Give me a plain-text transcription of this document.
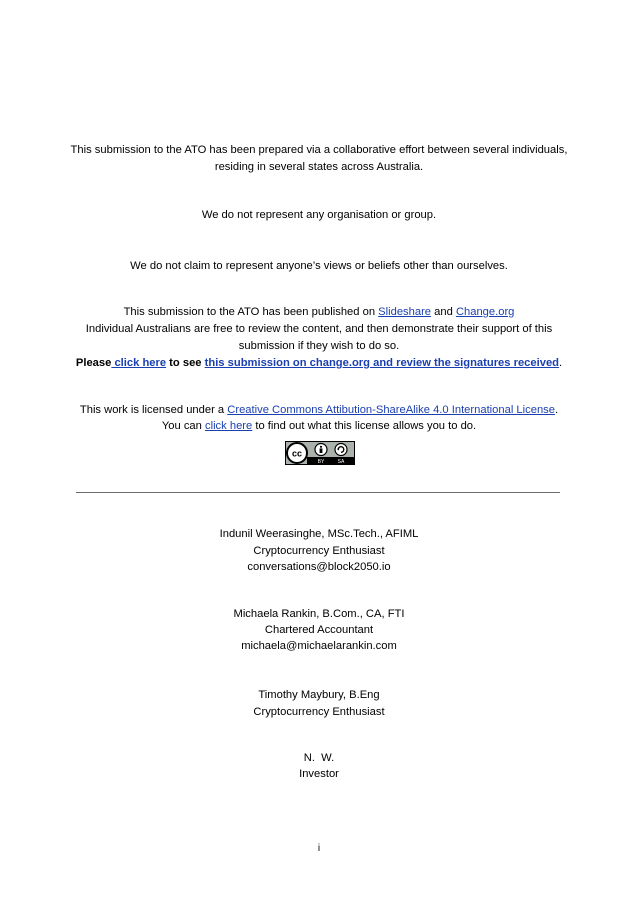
This submission to the ATO has been prepared via a collaborative effort between several individuals,
residing in several states across Australia.
We do not represent any organisation or group.
We do not claim to represent anyone’s views or beliefs other than ourselves.
This submission to the ATO has been published on Slideshare and Change.org
Individual Australians are free to review the content, and then demonstrate their support of this
submission if they wish to do so.
Please click here to see this submission on change.org and review the signatures received.
This work is licensed under a Creative Commons Attibution-ShareAlike 4.0 International License.
You can click here to find out what this license allows you to do.
cc
BY	SA
Indunil Weerasinghe, MSc.Tech., AFIML
Cryptocurrency Enthusiast
conversations@block2050.io
Michaela Rankin, B.Com., CA, FTI
Chartered Accountant
michaela@michaelarankin.com
Timothy Maybury, B.Eng
Cryptocurrency Enthusiast
N.  W.
Investor
i
